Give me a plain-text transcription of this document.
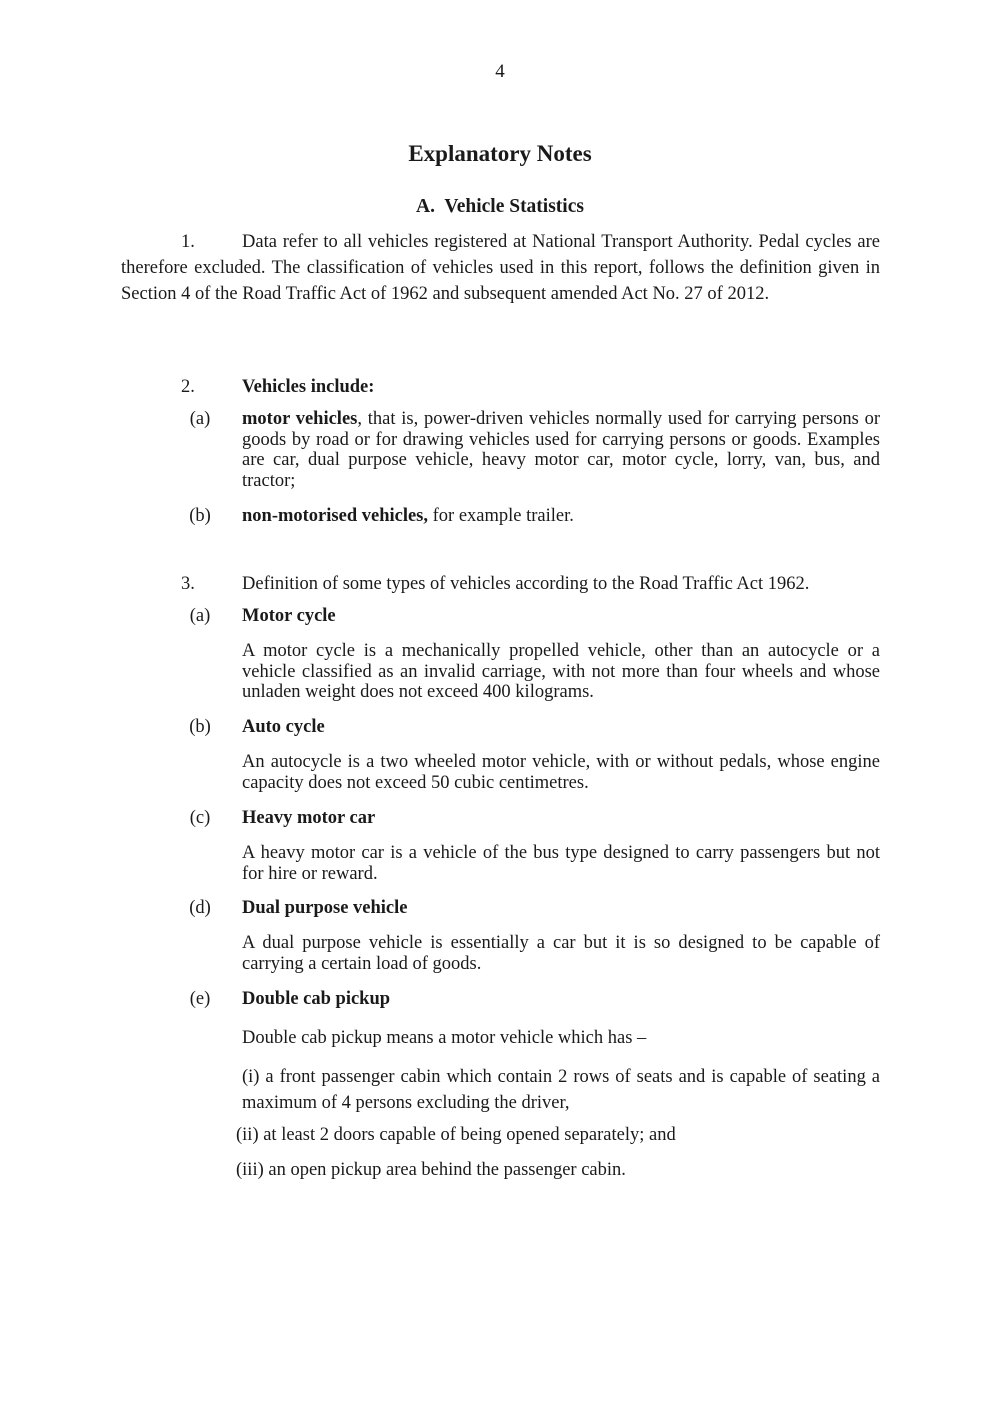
4
Explanatory Notes
A. Vehicle Statistics

1.	Data refer to all vehicles registered at National Transport Authority. Pedal cycles are therefore excluded. The classification of vehicles used in this report, follows the definition given in Section 4 of the Road Traffic Act of 1962 and subsequent amended Act No. 27 of 2012.

2.	Vehicles include:
(a)	motor vehicles, that is, power-driven vehicles normally used for carrying persons or goods by road or for drawing vehicles used for carrying persons or goods. Examples are car, dual purpose vehicle, heavy motor car, motor cycle, lorry, van, bus, and tractor;

(b)	non-motorised vehicles, for example trailer.

3.	Definition of some types of vehicles according to the Road Traffic Act 1962.
(a)	Motor cycle

A motor cycle is a mechanically propelled vehicle, other than an autocycle or a vehicle classified as an invalid carriage, with not more than four wheels and whose unladen weight does not exceed 400 kilograms.

(b)	Auto cycle

An autocycle is a two wheeled motor vehicle, with or without pedals, whose engine capacity does not exceed 50 cubic centimetres.

(c)	Heavy motor car

A heavy motor car is a vehicle of the bus type designed to carry passengers but not for hire or reward.

(d)	Dual purpose vehicle

A dual purpose vehicle is essentially a car but it is so designed to be capable of carrying a certain load of goods.

(e)	Double cab pickup

Double cab pickup means a motor vehicle which has –

(i) a front passenger cabin which contain 2 rows of seats and is capable of seating a maximum of 4 persons excluding the driver,

(ii) at least 2 doors capable of being opened separately; and

(iii) an open pickup area behind the passenger cabin.
